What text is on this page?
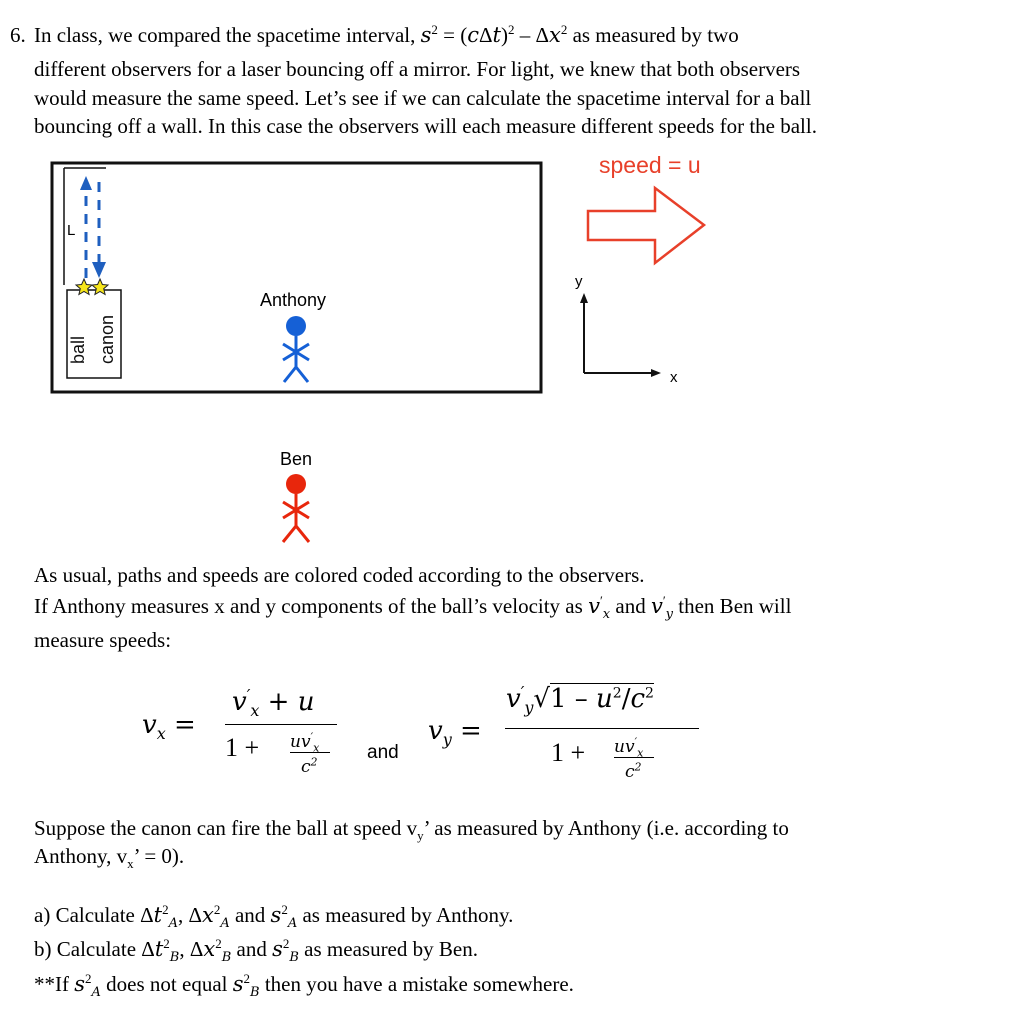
6. In class, we compared the spacetime interval, $s^2 = (c\Delta t)^2 - \Delta x^2$ as measured by two
different observers for a laser bouncing off a mirror. For light, we knew that both observers
would measure the same speed. Let’s see if we can calculate the spacetime interval for a ball
bouncing off a wall. In this case the observers will each measure different speeds for the ball.
ball canon
speed = u
L
Anthony
Ben
y
x
As usual, paths and speeds are colored coded according to the observers.
If Anthony measures x and y components of the ball’s velocity as $v'_x$ and $v'_y$ then Ben will
measure speeds:
$v_x$ =
$v'_x + u$
$1 + uv'_x$
$c^2$	and
$v_y$ =
$v'_y√1 - u^2/c^2$
$1 + uv'_x$
$c^2$
Suppose the canon can fire the ball at speed $v_y$’ as measured by Anthony (i.e. according to
Anthony, $v_x$’ = 0).
a) Calculate $\Delta t^2_A$, $\Delta x^2_A$ and $s^2_A$ as measured by Anthony.
b) Calculate $\Delta t^2_B$, $\Delta x^2_B$ and $s^2_B$ as measured by Ben.
**If $s^2_A$ does not equal $s^2_B$ then you have a mistake somewhere.
